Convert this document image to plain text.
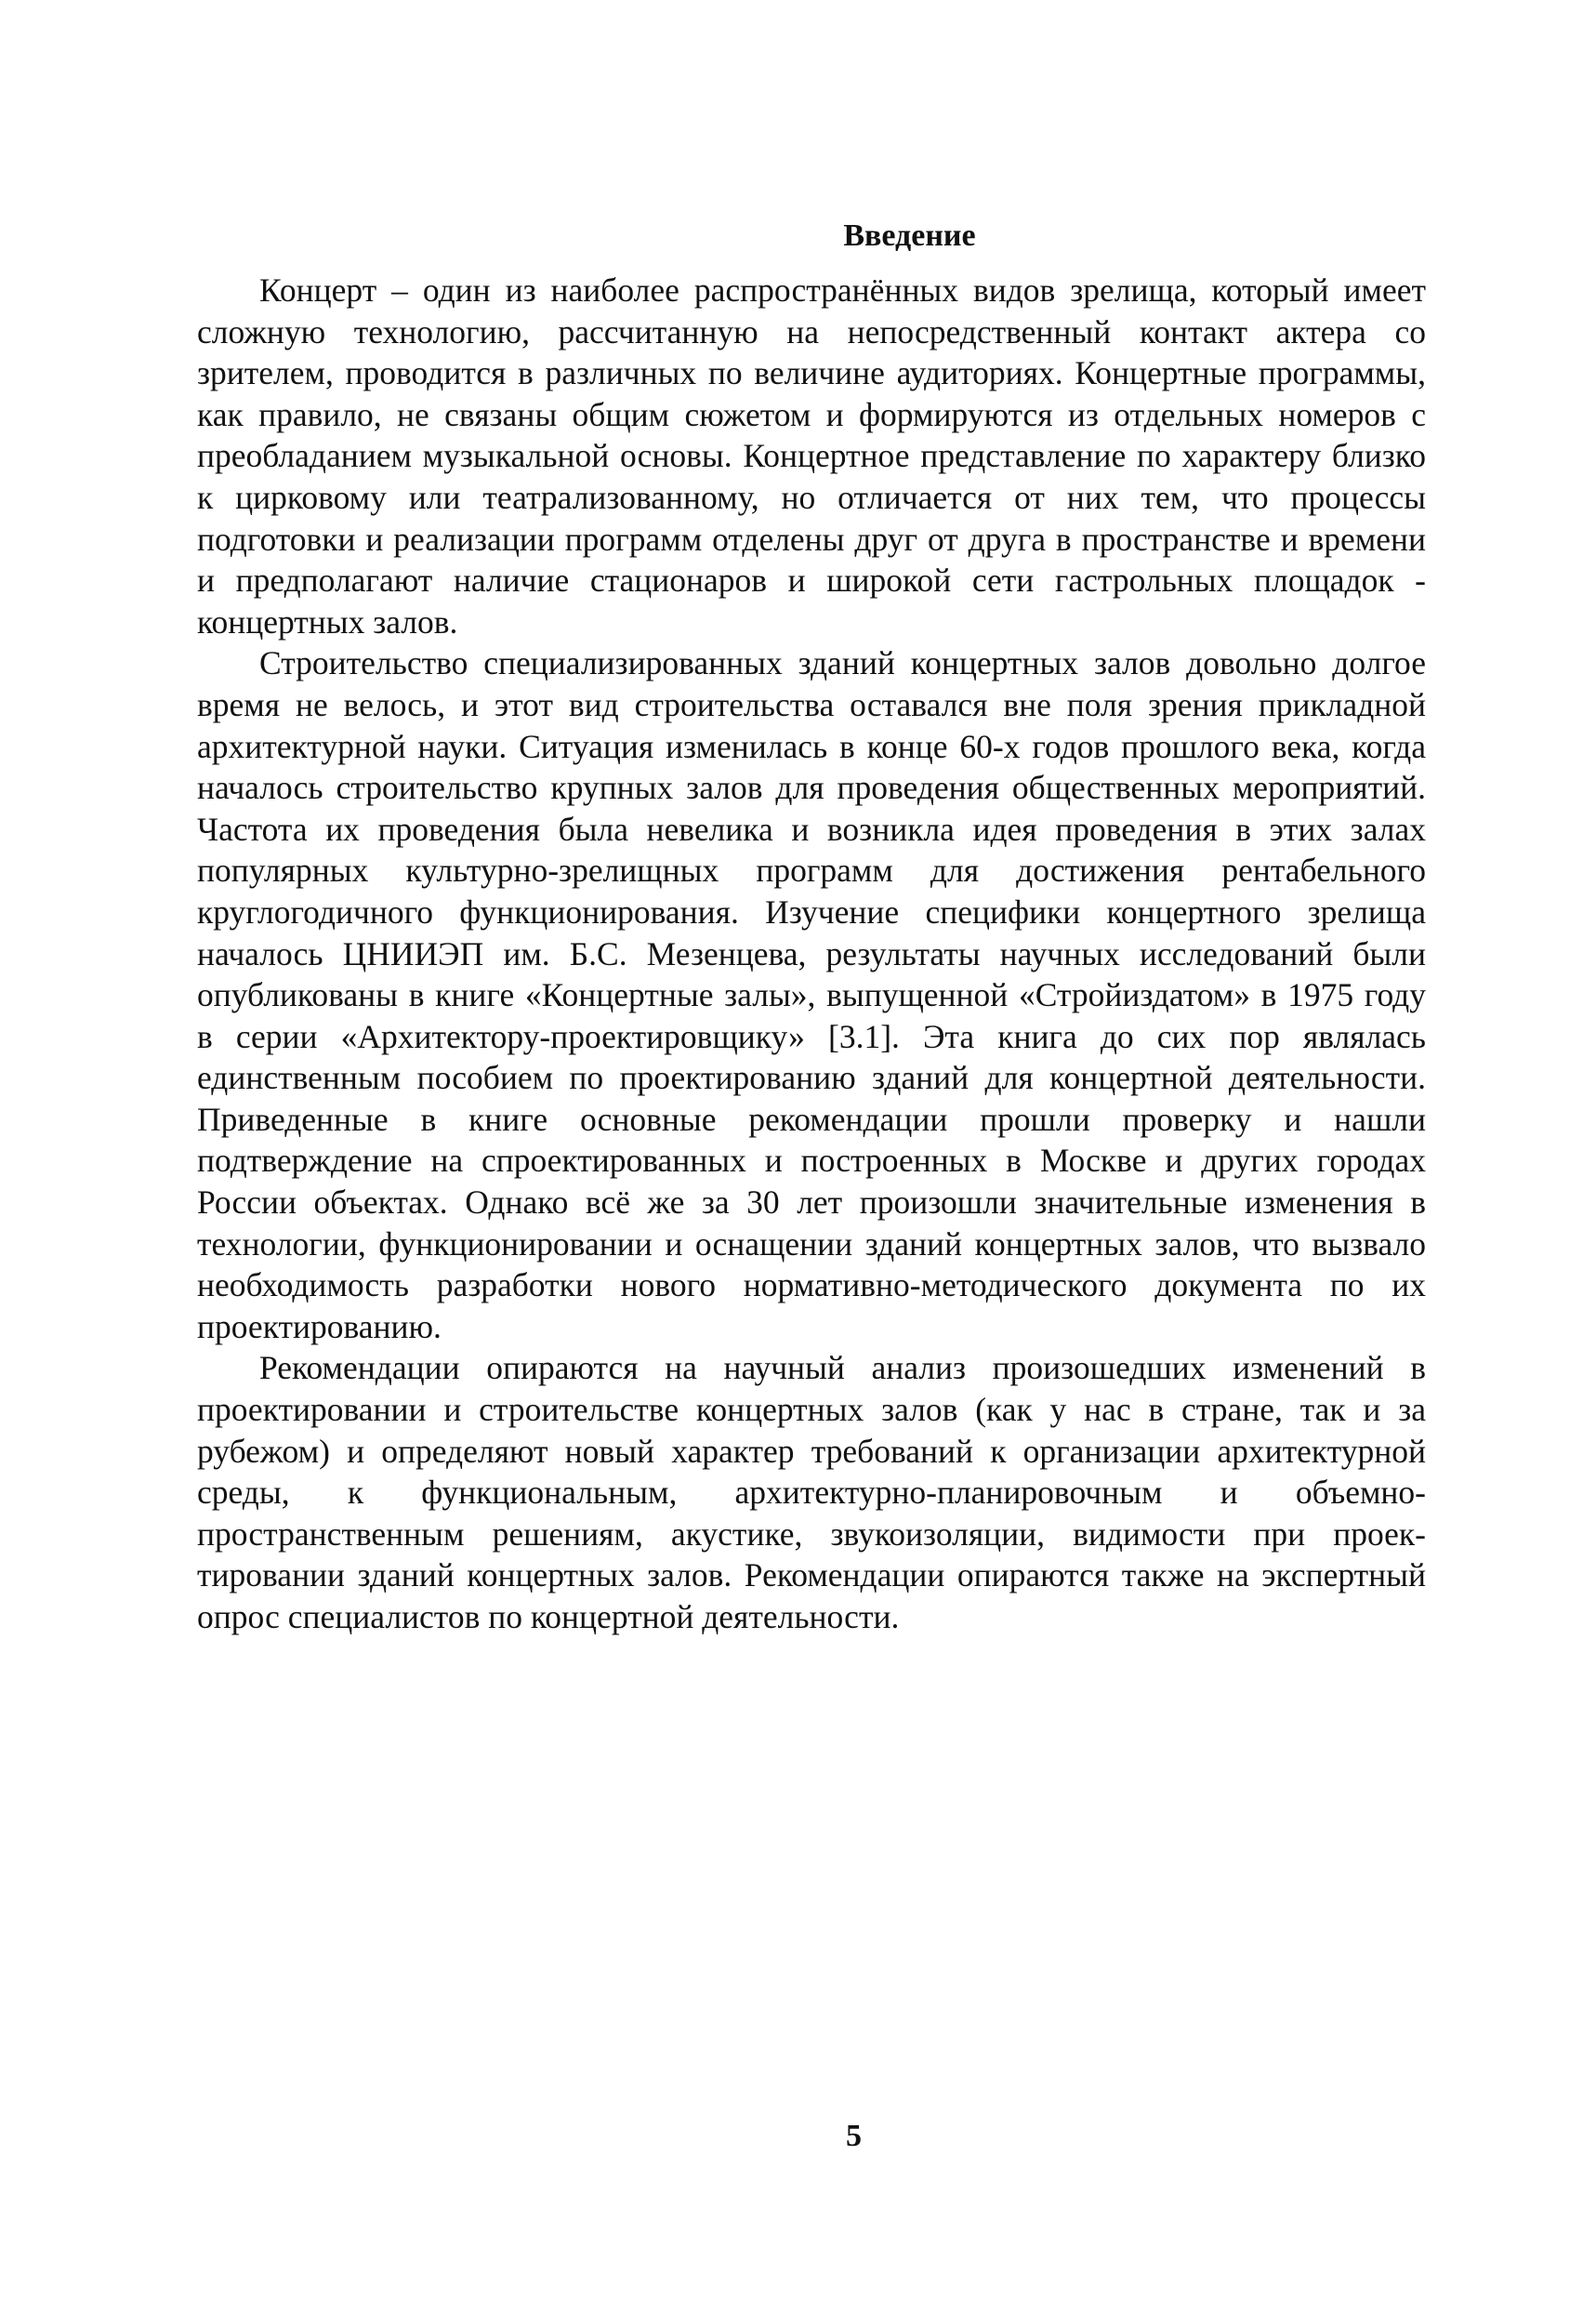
Введение

Концерт – один из наиболее распространённых видов зрелища, который имеет сложную технологию, рассчитанную на непосредственный контакт актера со зрителем, проводится в различных по величине аудиториях. Концертные программы, как правило, не связаны общим сюжетом и формируются из отдельных номеров с преобладанием музыкальной основы. Концертное представление по характеру близко к цирковому или театрализованному, но отличается от них тем, что процессы подготовки и реализации программ отделены друг от друга в пространстве и времени и предполагают наличие стационаров и широкой сети гастрольных площадок - концертных залов.

Строительство специализированных зданий концертных залов довольно долгое время не велось, и этот вид строительства оставался вне поля зрения прикладной архитектурной науки. Ситуация изменилась в конце 60-х годов прошлого века, когда началось строительство крупных залов для проведения общественных мероприятий. Частота их проведения была невелика и возникла идея проведения в этих залах популярных культурно-зрелищных программ для достижения рентабельного круглогодичного функционирования. Изучение специфики концертного зрелища началось ЦНИИЭП им. Б.С. Мезенцева, результаты научных исследований были опубликованы в книге «Концертные залы», выпущенной «Стройиздатом» в 1975 году в серии «Архитектору-проектировщику» [3.1]. Эта книга до сих пор являлась единственным пособием по проектированию зданий для концертной деятельности. Приведенные в книге основные рекомендации прошли проверку и нашли подтверждение на спроектированных и построенных в Москве и других городах России объектах. Однако всё же за 30 лет произошли значительные изменения в технологии, функционировании и оснащении зданий концертных залов, что вызвало необходимость разработки нового нормативно-методического документа по их проектированию.

Рекомендации опираются на научный анализ произошедших изменений в проектировании и строительстве концертных залов (как у нас в стране, так и за рубежом) и определяют новый характер требований к организации архитектурной среды, к функциональным, архитектурно-планировочным и объемно-пространственным решениям, акустике, звукоизоляции, видимости при проектировании зданий концертных залов. Рекомендации опираются также на экспертный опрос специалистов по концертной деятельности.

5
